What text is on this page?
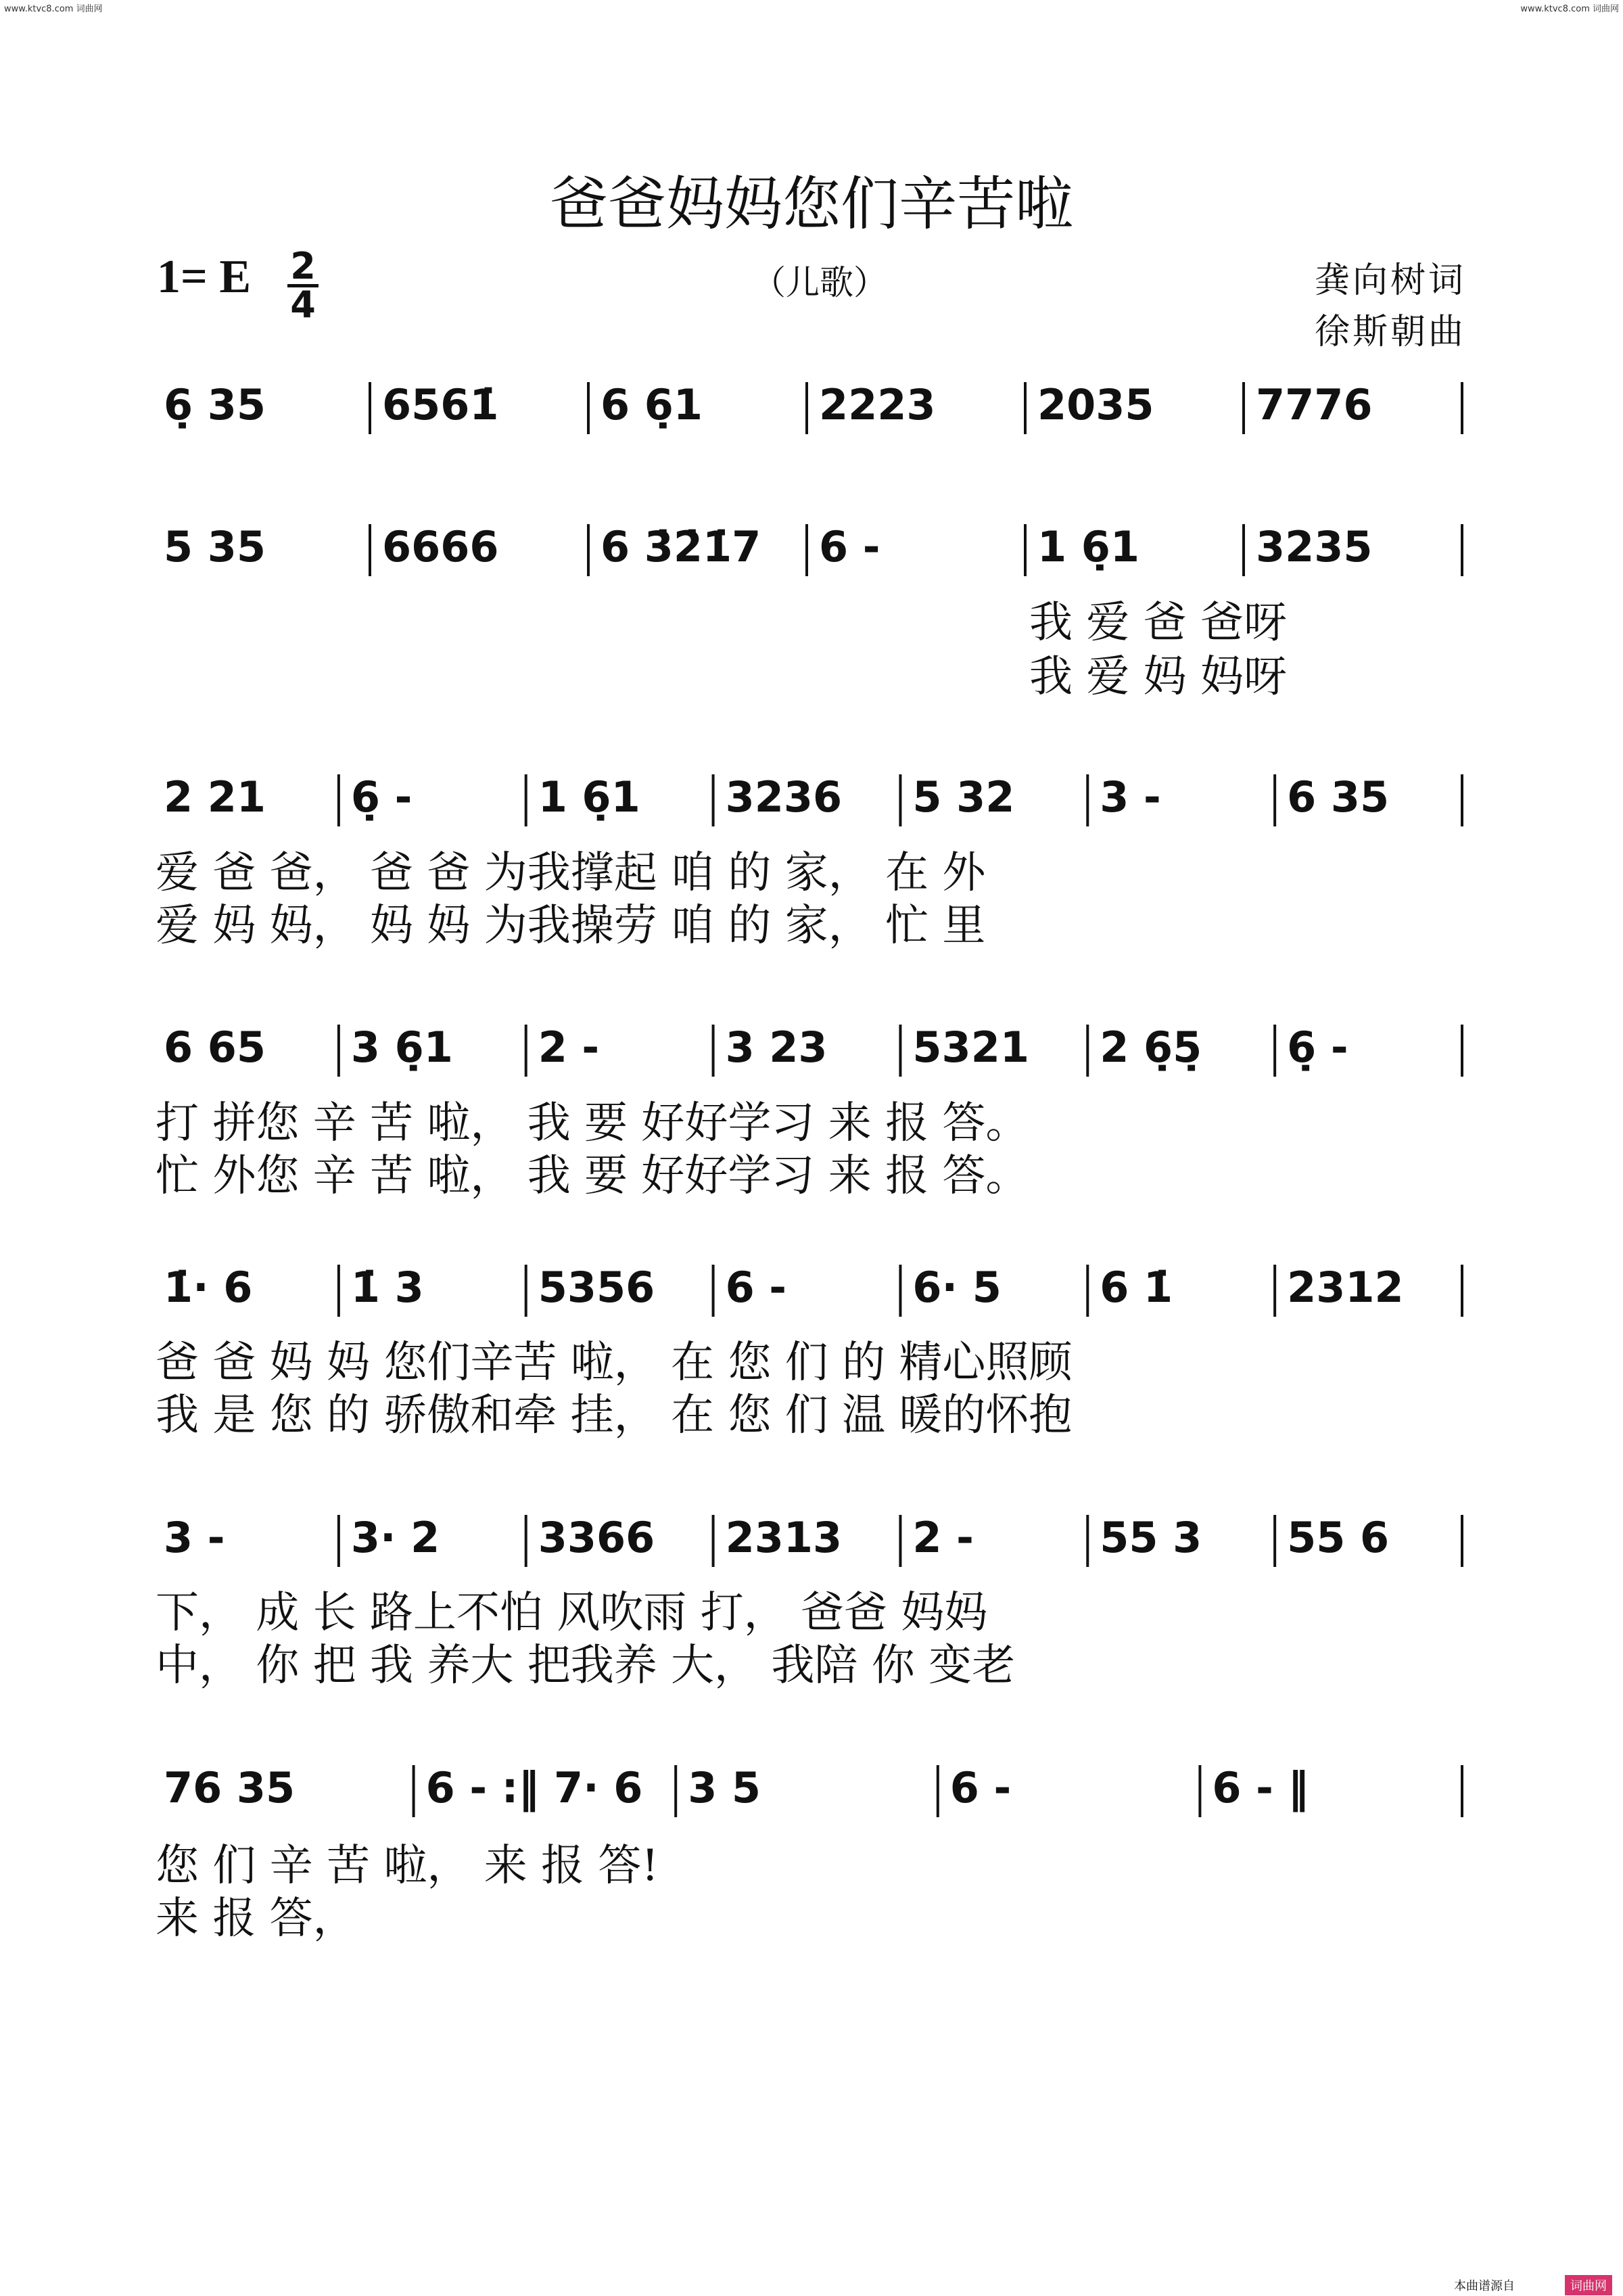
www.ktvc8.com 词曲网	www.ktvc8.com 词曲网
爸爸妈妈您们辛苦啦
（儿歌）
1= E 2
4
龚向树词
徐斯朝曲
6̣ 35	6561̇ 6 6̣1	2223 2035 7776
5 35	6666 6 3̇2̇1̇7 6 -	1 6̣1	3235
2 21 6̣ -	1 6̣1 3236 5 32 3 -	6 35
6 65 3 6̣1 2 -	3 23 5321 2 6̣5̣ 6̣ -
1̇· 6 1̇ 3	5356 6 -	6· 5 6 1̇	2312
3 -	3· 2 3366 2313 2 -	55 3 55 6
76 35	6 - :‖ 7· 6 3 5	6 -	6 - ‖
我 爱 爸 爸呀
我 爱 妈 妈呀
爱 爸 爸， 爸 爸 为我撑起 咱 的 家， 在 外
爱 妈 妈， 妈 妈 为我操劳 咱 的 家， 忙 里
打 拼您 辛 苦 啦， 我 要 好好学习 来 报 答。
忙 外您 辛 苦 啦， 我 要 好好学习 来 报 答。
爸 爸 妈 妈 您们辛苦 啦， 在 您 们 的 精心照顾
我 是 您 的 骄傲和牵 挂， 在 您 们 温 暖的怀抱
下， 成 长 路上不怕 风吹雨 打， 爸爸 妈妈
中， 你 把 我 养大 把我养 大， 我陪 你 变老
您 们 辛 苦 啦， 来 报 答!
来 报 答，
本曲谱源自	词曲网
